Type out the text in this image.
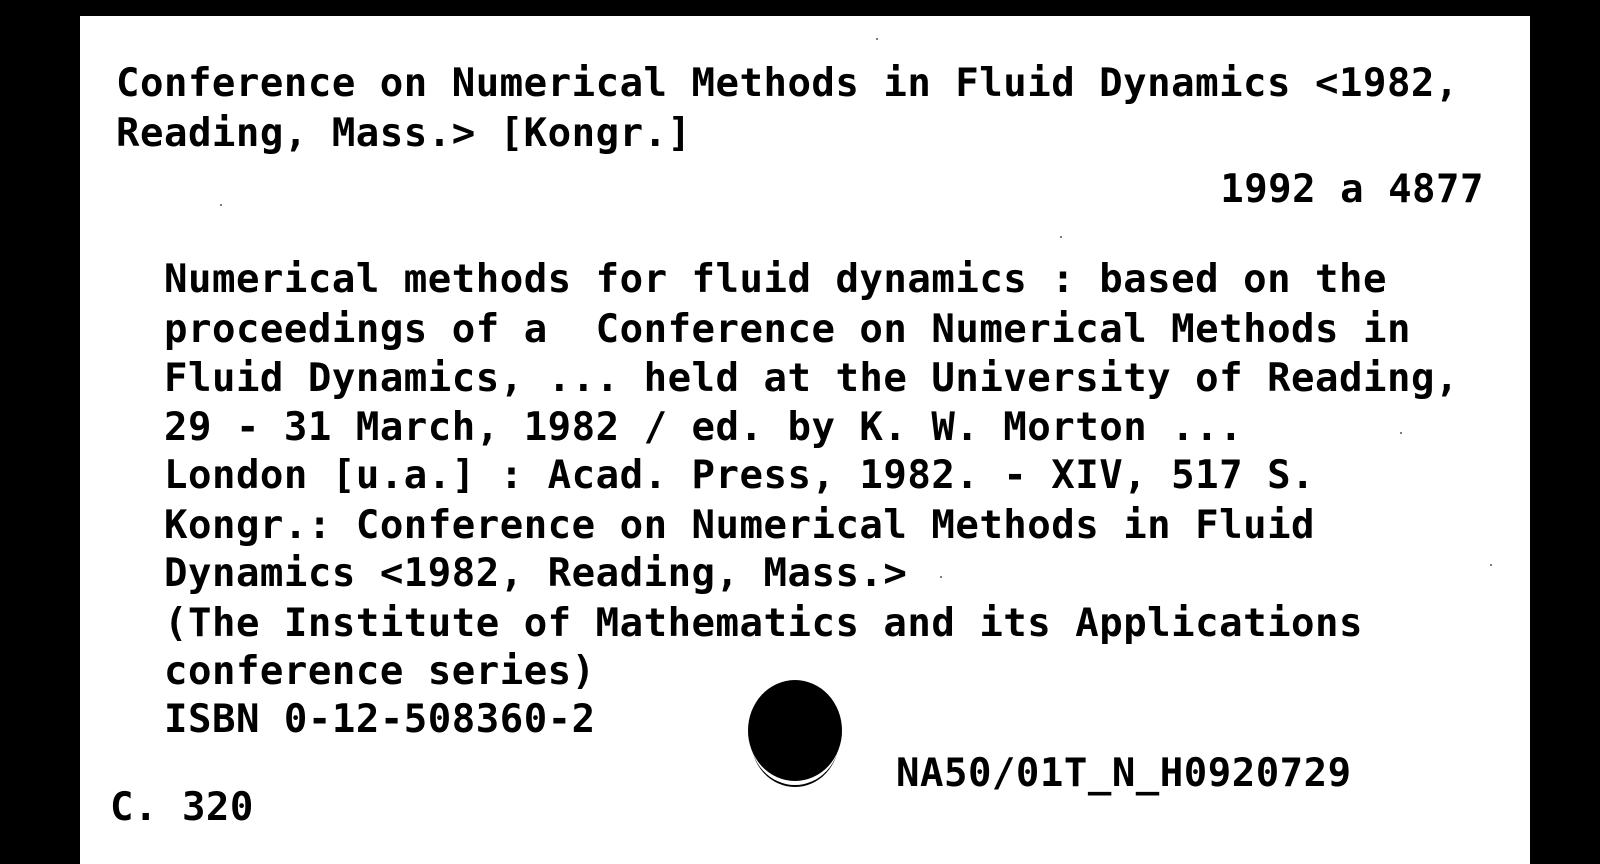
Conference on Numerical Methods in Fluid Dynamics <1982,
Reading, Mass.> [Kongr.]
1992 a 4877
Numerical methods for fluid dynamics : based on the
proceedings of a  Conference on Numerical Methods in
Fluid Dynamics, ... held at the University of Reading,
29 - 31 March, 1982 / ed. by K. W. Morton ...
London [u.a.] : Acad. Press, 1982. - XIV, 517 S.
Kongr.: Conference on Numerical Methods in Fluid
Dynamics <1982, Reading, Mass.>
(The Institute of Mathematics and its Applications
conference series)
ISBN 0-12-508360-2
NA50/01T_N_H0920729
C. 320
